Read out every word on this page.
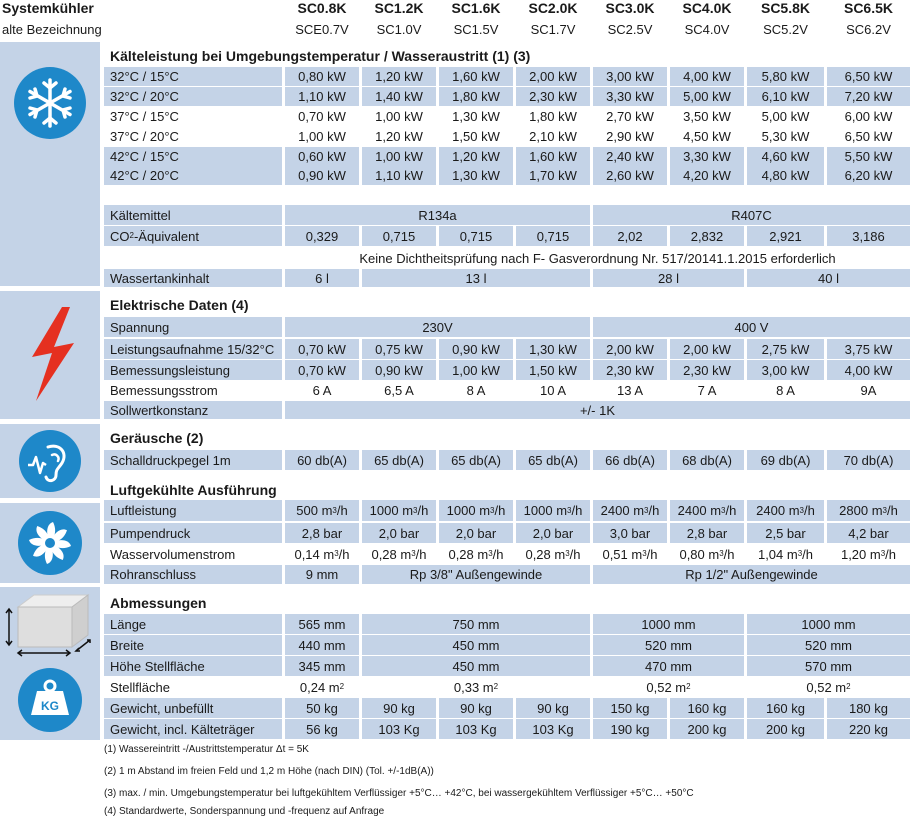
KG
Systemkühler	SC0.8K	SC1.2K	SC1.6K	SC2.0K	SC3.0K	SC4.0K	SC5.8K	SC6.5K
alte Bezeichnung	SCE0.7V	SC1.0V	SC1.5V	SC1.7V	SC2.5V	SC4.0V	SC5.2V	SC6.2V
Kälteleistung bei Umgebungstemperatur / Wasseraustritt (1) (3)
32°C / 15°C	0,80 kW	1,20 kW	1,60 kW	2,00 kW	3,00 kW	4,00 kW	5,80 kW	6,50 kW
32°C / 20°C	1,10 kW	1,40 kW	1,80 kW	2,30 kW	3,30 kW	5,00 kW	6,10 kW	7,20 kW
37°C / 15°C	0,70 kW	1,00 kW	1,30 kW	1,80 kW	2,70 kW	3,50 kW	5,00 kW	6,00 kW
37°C / 20°C	1,00 kW	1,20 kW	1,50 kW	2,10 kW	2,90 kW	4,50 kW	5,30 kW	6,50 kW
42°C / 15°C	0,60 kW	1,00 kW	1,20 kW	1,60 kW	2,40 kW	3,30 kW	4,60 kW	5,50 kW
42°C / 20°C	0,90 kW	1,10 kW	1,30 kW	1,70 kW	2,60 kW	4,20 kW	4,80 kW	6,20 kW
Kältemittel	R134a	R407C
CO 2 -Äquivalent	0,329	0,715	0,715	0,715	2,02	2,832	2,921	3,186
Keine Dichtheitsprüfung nach F- Gasverordnung Nr. 517/20141.1.2015 erforderlich
Wassertankinhalt	6 l	13 l	28 l	40 l
Elektrische Daten (4)
Spannung	230V	400 V
Leistungsaufnahme 15/32°C	0,70 kW	0,75 kW	0,90 kW	1,30 kW	2,00 kW	2,00 kW	2,75 kW	3,75 kW
Bemessungsleistung	0,70 kW	0,90 kW	1,00 kW	1,50 kW	2,30 kW	2,30 kW	3,00 kW	4,00 kW
Bemessungsstrom	6 A	6,5 A	8 A	10 A	13 A	7 A	8 A	9A
Sollwertkonstanz	+/- 1K
Geräusche (2)
Schalldruckpegel 1m	60 db(A)	65 db(A)	65 db(A)	65 db(A)	66 db(A)	68 db(A)	69 db(A)	70 db(A)
Luftgekühlte Ausführung
Luftleistung	500 m 3 /h	1000 m 3 /h	1000 m 3 /h	1000 m 3 /h	2400 m 3 /h	2400 m 3 /h	2400 m 3 /h	2800 m 3 /h
Pumpendruck	2,8 bar	2,0 bar	2,0 bar	2,0 bar	3,0 bar	2,8 bar	2,5 bar	4,2 bar
Wasservolumenstrom	0,14 m 3 /h	0,28 m 3 /h	0,28 m 3 /h	0,28 m 3 /h	0,51 m 3 /h	0,80 m 3 /h	1,04 m 3 /h	1,20 m 3 /h
Rohranschluss	9 mm	Rp 3/8" Außengewinde	Rp 1/2" Außengewinde
Abmessungen
Länge	565 mm	750 mm	1000 mm	1000 mm
Breite	440 mm	450 mm	520 mm	520 mm
Höhe Stellfläche	345 mm	450 mm	470 mm	570 mm
Stellfläche	0,24 m 2	0,33 m 2	0,52 m 2	0,52 m 2
Gewicht, unbefüllt	50 kg	90 kg	90 kg	90 kg	150 kg	160 kg	160 kg	180 kg
Gewicht, incl. Kälteträger	56 kg	103 Kg	103 Kg	103 Kg	190 kg	200 kg	200 kg	220 kg
(1) Wassereintritt -/Austrittstemperatur Δt = 5K
(2) 1 m Abstand im freien Feld und 1,2 m Höhe (nach DIN) (Tol. +/-1dB(A))
(3) max. / min. Umgebungstemperatur bei luftgekühltem Verflüssiger +5°C… +42°C, bei wassergekühltem Verflüssiger +5°C… +50°C
(4) Standardwerte, Sonderspannung und -frequenz auf Anfrage
